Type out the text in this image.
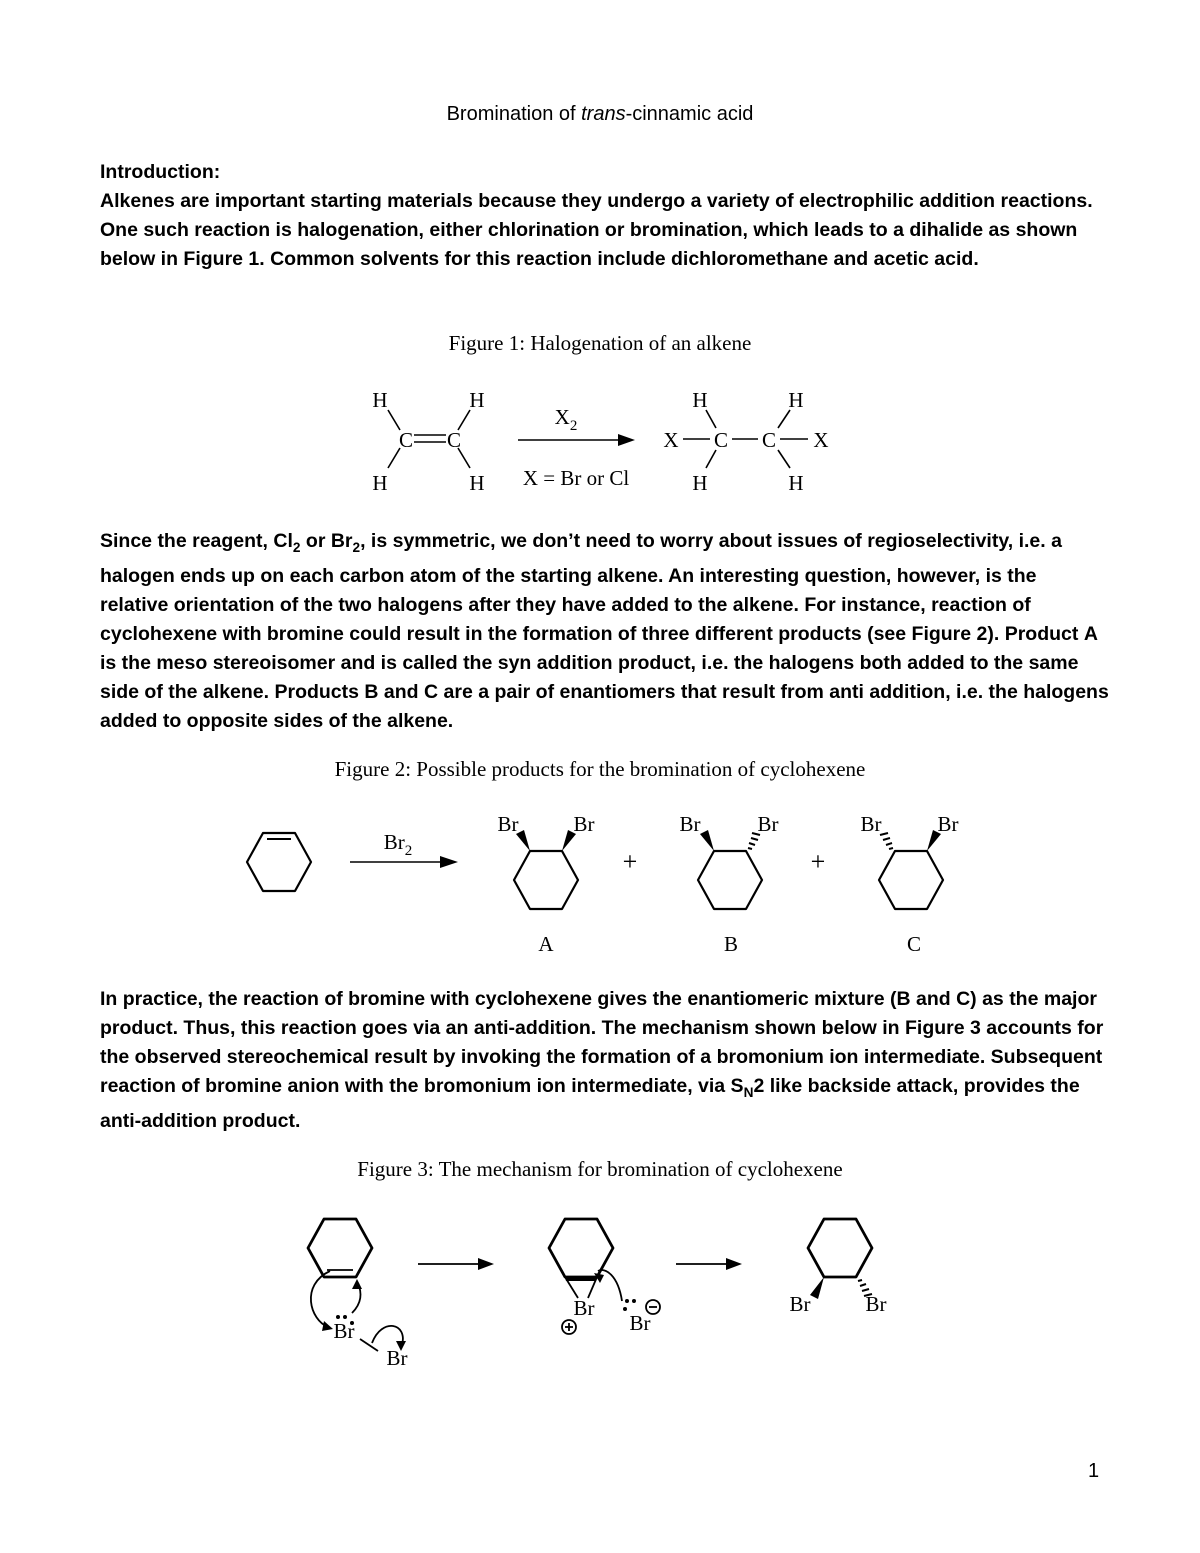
Bromination of trans-cinnamic acid

Introduction:

Alkenes are important starting materials because they undergo a variety of electrophilic addition reactions. One such reaction is halogenation, either chlorination or bromination, which leads to a dihalide as shown below in Figure 1. Common solvents for this reaction include dichloromethane and acetic acid.

Figure 1: Halogenation of an alkene
H	H
C C
H	H
$X_2$
X = Br or Cl
H	H
X C C X
H	H

Since the reagent, $Cl_2$ or $Br_2$, is symmetric, we don’t need to worry about issues of regioselectivity, i.e. a halogen ends up on each carbon atom of the starting alkene. An interesting question, however, is the relative orientation of the two halogens after they have added to the alkene. For instance, reaction of cyclohexene with bromine could result in the formation of three different products (see Figure 2). Product A is the meso stereoisomer and is called the syn addition product, i.e. the halogens both added to the same side of the alkene. Products B and C are a pair of enantiomers that result from anti addition, i.e. the halogens added to opposite sides of the alkene.

Figure 2: Possible products for the bromination of cyclohexene
$Br_2$
Br	Br	Br	Br	Br	Br
+	+
A	B	C

In practice, the reaction of bromine with cyclohexene gives the enantiomeric mixture (B and C) as the major product. Thus, this reaction goes via an anti-addition. The mechanism shown below in Figure 3 accounts for the observed stereochemical result by invoking the formation of a bromonium ion intermediate. Subsequent reaction of bromine anion with the bromonium ion intermediate, via $S_N2$ like backside attack, provides the anti-addition product.

Figure 3: The mechanism for bromination of cyclohexene
Br
Br
Br
Br
Br	Br
1
